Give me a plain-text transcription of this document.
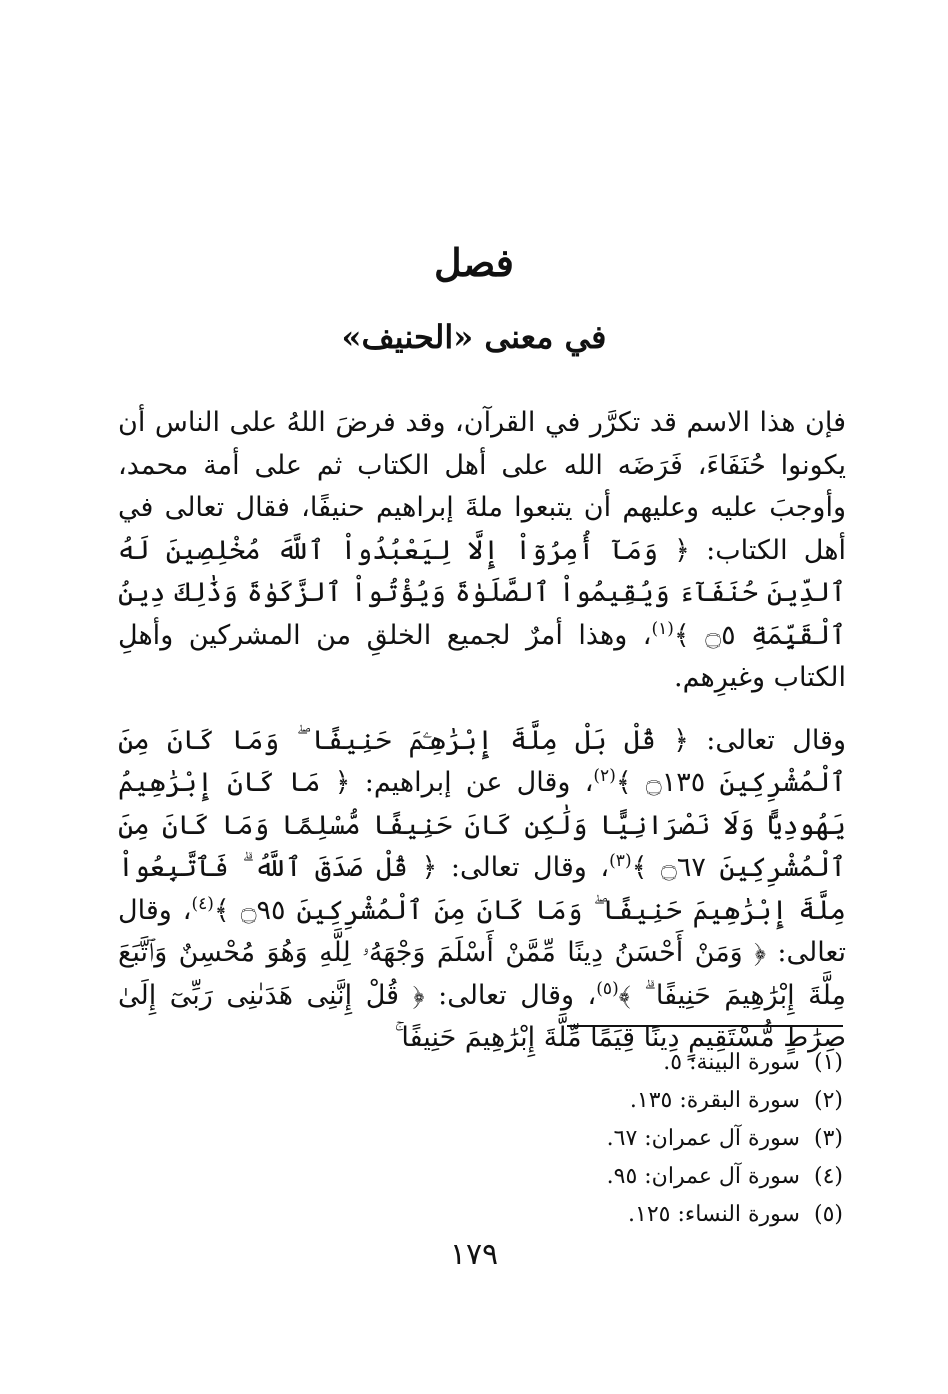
فصل
في معنى «الحنيف»

فإن هذا الاسم قد تكرَّر في القرآن، وقد فرضَ اللهُ على الناس أن يكونوا حُنَفَاءَ، فَرَضَه الله على أهل الكتاب ثم على أمة محمد، وأوجبَ عليه وعليهم أن يتبعوا ملةَ إبراهيم حنيفًا، فقال تعالى في أهل الكتاب: ﴿ وَمَآ أُمِرُوٓاْ إِلَّا لِيَعْبُدُواْ ٱللَّهَ مُخْلِصِينَ لَهُ ٱلدِّينَ حُنَفَآءَ وَيُقِيمُواْ ٱلصَّلَوٰةَ وَيُؤْتُواْ ٱلزَّكَوٰةَ وَذَٰلِكَ دِينُ ٱلْقَيِّمَةِ ۝٥ ﴾$^{(١)}$، وهذا أمرٌ لجميع الخلقِ من المشركين وأهلِ الكتاب وغيرِهم.

وقال تعالى: ﴿ قُلْ بَلْ مِلَّةَ إِبْرَٰهِـۧمَ حَنِيفًا ۖ وَمَا كَانَ مِنَ ٱلْمُشْرِكِينَ ۝١٣٥ ﴾$^{(٢)}$، وقال عن إبراهيم: ﴿ مَا كَانَ إِبْرَٰهِيمُ يَهُودِيًّا وَلَا نَصْرَانِيًّا وَلَٰكِن كَانَ حَنِيفًا مُّسْلِمًا وَمَا كَانَ مِنَ ٱلْمُشْرِكِينَ ۝٦٧ ﴾$^{(٣)}$، وقال تعالى: ﴿ قُلْ صَدَقَ ٱللَّهُ ۗ فَٱتَّبِعُواْ مِلَّةَ إِبْرَٰهِيمَ حَنِيفًا ۖ وَمَا كَانَ مِنَ ٱلْمُشْرِكِينَ ۝٩٥ ﴾$^{(٤)}$، وقال تعالى: ﴿ وَمَنْ أَحْسَنُ دِينًا مِّمَّنْ أَسْلَمَ وَجْهَهُۥ لِلَّهِ وَهُوَ مُحْسِنٌ وَٱتَّبَعَ مِلَّةَ إِبْرَٰهِيمَ حَنِيفًا ۗ ﴾$^{(٥)}$، وقال تعالى: ﴿ قُلْ إِنَّنِى هَدَىٰنِى رَبِّىٓ إِلَىٰ صِرَٰطٍ مُّسْتَقِيمٍ دِينًا قِيَمًا مِّلَّةَ إِبْرَٰهِيمَ حَنِيفًا ۚ

(١)سورة البينة: ٥.
(٢)سورة البقرة: ١٣٥.
(٣)سورة آل عمران: ٦٧.
(٤)سورة آل عمران: ٩٥.
(٥)سورة النساء: ١٢٥.
١٧٩
